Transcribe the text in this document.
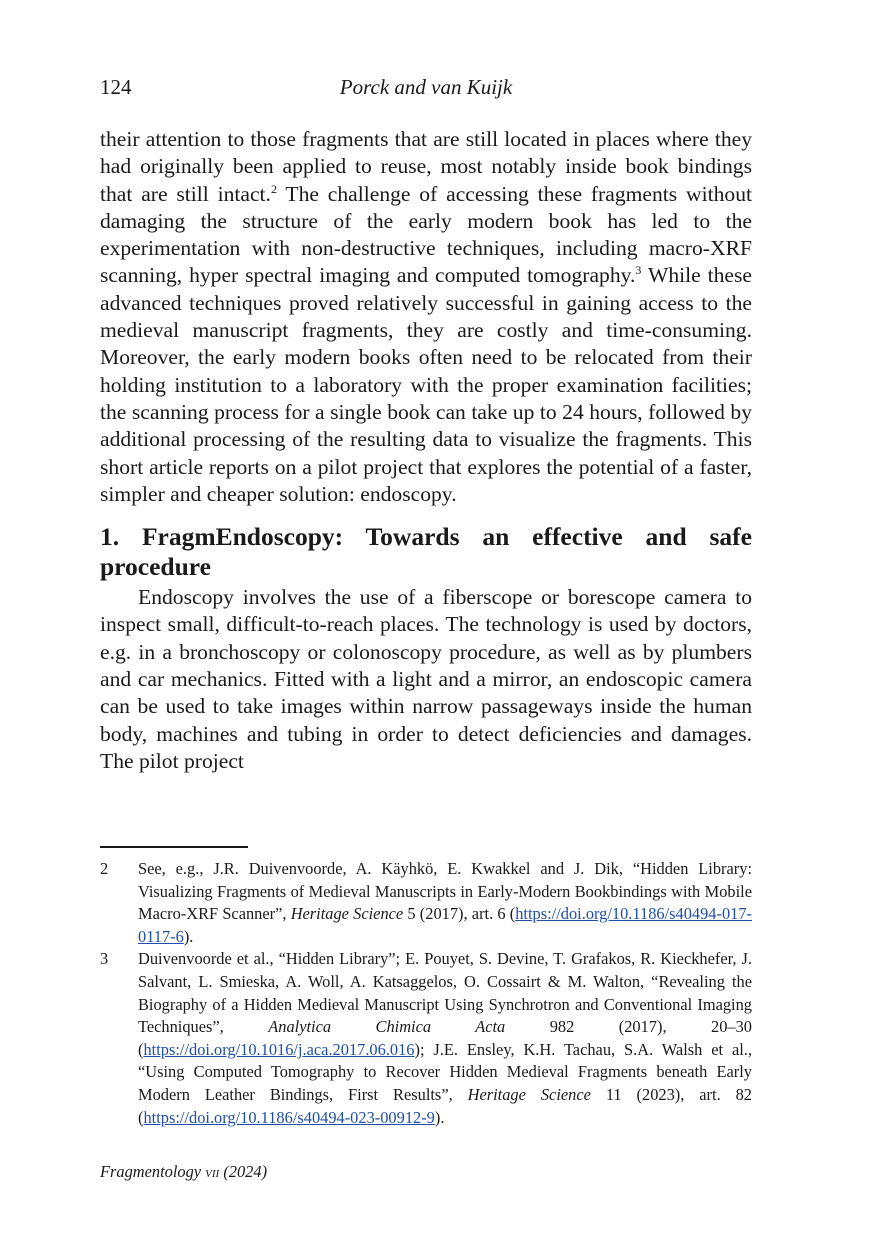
124	Porck and van Kuijk

their attention to those fragments that are still located in places where they had originally been applied to reuse, most notably inside book bindings that are still intact.$^2$ The challenge of accessing these fragments without damaging the structure of the early modern book has led to the experimentation with non-destructive techniques, including macro-XRF scanning, hyper spectral imaging and computed tomography.$^3$ While these advanced techniques proved relatively successful in gaining access to the medieval manuscript fragments, they are costly and time-consuming. Moreover, the early modern books often need to be relocated from their holding institution to a laboratory with the proper examination facilities; the scanning process for a single book can take up to 24 hours, followed by additional processing of the resulting data to visualize the fragments. This short article reports on a pilot project that explores the potential of a faster, simpler and cheaper solution: endoscopy.

1. FragmEndoscopy: Towards an effective and safe procedure

Endoscopy involves the use of a fiberscope or borescope camera to inspect small, difficult-to-reach places. The technology is used by doctors, e.g. in a bronchoscopy or colonoscopy procedure, as well as by plumbers and car mechanics. Fitted with a light and a mirror, an endoscopic camera can be used to take images within narrow passageways inside the human body, machines and tubing in order to detect deficiencies and damages. The pilot project

2 See, e.g., J.R. Duivenvoorde, A. Käyhkö, E. Kwakkel and J. Dik, “Hidden Library: Visualizing Fragments of Medieval Manuscripts in Early-Modern Bookbindings with Mobile Macro-XRF Scanner”, Heritage Science 5 (2017), art. 6 (https://doi.org/10.1186/s40494-017-0117-6).

3 Duivenvoorde et al., “Hidden Library”; E. Pouyet, S. Devine, T. Grafakos, R. Kieckhefer, J. Salvant, L. Smieska, A. Woll, A. Katsaggelos, O. Cossairt & M. Walton, “Revealing the Biography of a Hidden Medieval Manuscript Using Synchrotron and Conventional Imaging Techniques”, Analytica Chimica Acta 982 (2017), 20–30 (https://doi.org/10.1016/j.aca.2017.06.016); J.E. Ensley, K.H. Tachau, S.A. Walsh et al., “Using Computed Tomography to Recover Hidden Medieval Fragments beneath Early Modern Leather Bindings, First Results”, Heritage Science 11 (2023), art. 82 (https://doi.org/10.1186/s40494-023-00912-9).

Fragmentology vii (2024)
